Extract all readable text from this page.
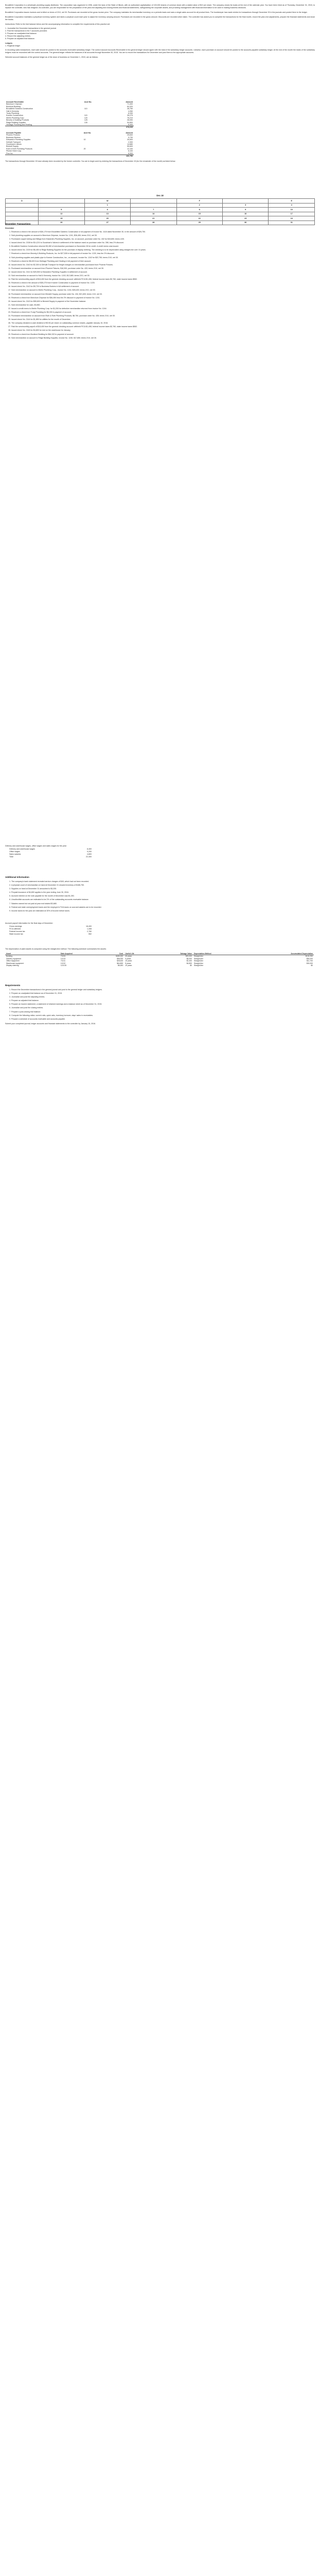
Brookfield Corporation is a wholesale plumbing supply distributor. The corporation was organized in 1996, under the laws of the State of Illinois, with an authorized capitalization of 100,000 shares of common stock with a stated value of $10 per share. The company closes its books at the end of the calendar year. You have been hired as of Thursday, December 31, 2015, to replace the controller, who has resigned. As controller, you are responsible for the preparation of the year-end adjusting and closing entries and financial statements, safeguarding the corporate assets, and providing management with financial information to be used in making business decisions.

Brookfield Corporation issues invoices and is billed on terms of 2/10, net 30. Purchases are recorded at the gross invoice price. The company maintains its merchandise inventory on a periodic basis and uses a single sales account for all product lines. The bookkeeper has made entries for transactions through December 30 in the journals and posted them to the ledger.

Brookfield Corporation maintains a perpetual inventory system and takes a physical count each year to adjust the inventory carrying amount. Purchases are recorded in the gross amount. Discounts are recorded when taken. The controller has asked you to complete the transactions for the final month, record the year-end adjustments, prepare the financial statements and close the books.

Instructions: Refer to the trial balance below and the accompanying information to complete the requirements of this practice set.

1. Journalize the December transactions in the general journal.
2. Post the transactions to the T-accounts provided.
3. Prepare an unadjusted trial balance.
4. Record the adjusting entries.
5. Prepare an adjusted trial balance.
Ledgers
1. Regional ledger

In recording sales transactions, each sale should be posted to the accounts receivable subsidiary ledger. The control account Accounts Receivable in the general ledger should agree with the total of the subsidiary ledger accounts. Likewise, each purchase on account should be posted to the accounts payable subsidiary ledger. At the end of the month the totals of the subsidiary ledgers must be reconciled with the control accounts. The general ledger reflects the balances of all accounts through November 30, 2015. You are to record the transactions for December and post them to the appropriate accounts.

Selected account balances of the general ledger as of the close of business on December 1, 2015, are as follows:

Account Receivable	Acct No.	Amount
Beechum Chipman		71,400
Bocklord Building		64,320
Brookfield Gardens Construction	110	28,750
Hall & Kennedy		4,260
Trudy Plumbing		6,330
Kramer Construction	115	35,275
Merlin Plumbing Corp.	120	76,210
Beverly & Building Products	125	28,090
Ridge Building Supplies	130	54,800
Heritage Plumbing and Heating		8,400
		378,035
Account Payable	Acct No.	Amount
Phoenix Fixtures		25,840
Business Brokers		9,730
Edwards's Plumbing Supplies	10	25,500
DeKalb Transport		2,300
Goodman's Valves		14,680
Brickett Supply		55,600
Ruth & Roth Plumbing Products	20	12,100
Pitcher Steel Corp.		6,100
Finn Inc.		8,900
		160,750

The transactions through December 15 have already been recorded by the former controller. You are to begin work by entering the transactions of December 15 (for the remainder of the month) as listed below.

Dec 18
D		W		F		E
		1		2	3	4
	5	6	7	8	9	10
	12	13	14	15	16	17
	19	20	21	22	23	24
	26	27	28	29	30	31
December Transactions
December
1. Received a check in the amount of $26,175 from Brookfield Gardens Construction in full payment of invoice No. 1118 dated November 30, in the amount of $26,750.
2. Sold plumbing supplies on account to Beechum Chipman, invoice No. 1241, $36,450; terms 2/10, net 30.
3. Purchased copper tubing and fittings from Edwards's Plumbing Supplies, Inc. on account, purchase order No. 432 for $15,800; terms n/30.
4. Issued check No. 2138 for $14,210 to Goodman's Valves in settlement of the balance owed on purchase order No. 398, less 2% discount.
5. Brookfield Gardens Construction returned $2,450 of merchandise purchased on November 28 for credit. A credit memo was issued.
6. Issued check No. 2139 for $6,450 to Ridge Building Supplies for the purchase of display shelving. The shelving is to be depreciated using straight-line over 10 years.
7. Received a check from Beverly & Building Products, Inc. for $27,528 in full payment of invoice No. 1220, less the 2% discount.
8. Sold plumbing supplies and plastic pipe to Kramer Construction, Inc., on account, invoice No. 1242 for $22,750; terms 2/10, net 30.
9. Received a check for $8,400 from Heritage Plumbing and Heating in full payment of their account.
10. Issued check No. 2140 for $2,300 to DeKalb Transport for freight charges on merchandise purchased from Phoenix Fixtures.
11. Purchased merchandise on account from Phoenix Fixtures, $18,300, purchase order No. 433; terms 2/10, net 30.
12. Issued check No. 2141 for $25,500 to Edwards's Plumbing Supplies in settlement of account.
13. Sold merchandise on account to Hall & Kennedy, invoice No. 1243, $12,680; terms 2/10, net 30.
14. Paid the semimonthly payroll of $18,400 from the general checking account: withheld FICA $1,408, federal income taxes $2,760, state income taxes $552.
15. Received a check in the amount of $35,275 from Kramer Construction in payment of invoice No. 1225.
16. Issued check No. 2142 for $9,730 to Business Brokers in full settlement of account.
17. Sold merchandise on account to Merlin Plumbing Corp., invoice No. 1244, $28,400; terms 2/10, net 30.
18. Purchased merchandise on account from Brickett Supply, purchase order No. 434, $21,600; terms 1/10, net 30.
19. Received a check from Beechum Chipman for $36,450 less the 2% discount in payment of invoice No. 1241.
20. Issued check No. 2143 for $55,600 to Brickett Supply in payment of the November balance.
21. Sold merchandise for cash, $3,850.
22. Issued a credit memo to Merlin Plumbing Corp. for $1,200 for defective merchandise returned from invoice No. 1244.
23. Received a check from Trudy Plumbing for $6,330 in payment of account.
24. Purchased merchandise on account from Ruth & Roth Plumbing Products, $8,750, purchase order No. 435; terms 2/10, net 30.
25. Issued check No. 2144 for $1,850 for utilities for the month of December.
26. The company declared a cash dividend of $0.50 per share on outstanding common shares, payable January 15, 2016.
27. Paid the semimonthly payroll of $18,400 from the general checking account: withheld FICA $1,408, federal income taxes $2,760, state income taxes $552.
28. Issued check No. 2145 for $4,800 for rent on the warehouse for January.
29. Received a check from Bocklord Building for $64,320 in payment of account.
30. Sold merchandise on account to Ridge Building Supplies, invoice No. 1245, $17,650; terms 2/10, net 30.
Delivery and warehouse wages, office wages and sales wages for the year:
Delivery and warehouse wages	8,400
Office wages	9,200
Sales salaries	4,800
Total	22,400
Additional Information
1. The company's bank statement revealed service charges of $45, which had not been recorded.
2. A physical count of merchandise on hand at December 31 showed inventory of $186,750.
3. Supplies on hand at December 31 amounted to $3,200.
4. Prepaid insurance of $4,800 applies to the year ending June 30, 2016.
5. Accrued interest on the note payable for the month of December was $1,250.
6. Uncollectible accounts are estimated to be 2% of the outstanding accounts receivable balance.
7. Salaries earned but not paid at year end totaled $3,680.
8. Federal and state unemployment taxes and the employer's FICA taxes on accrued salaries are to be recorded.
9. Income taxes for the year are estimated at 30% of income before taxes.
Accrued payroll information for the final days of December:
Gross earnings	18,400
FICA withheld	1,408
Federal income tax	2,760
State income tax	552

The depreciation of plant assets is computed using the straight-line method. The following schedule summarizes the assets:

Asset	Date Acquired	Cost	Useful Life	Salvage Value	Depreciation Method	Accumulated Depreciation
Building	7/1/04	$480,000	40 years	$20,000	Straight-line	$132,250
Delivery equipment	1/1/13	$96,000	5 years	$6,000	Straight-line	$54,000
Office equipment	7/1/11	$28,400	10 years	$2,400	Straight-line	$11,700
Warehouse equipment	1/1/12	$64,800	8 years	$4,800	Straight-line	$30,000
Display shelving	12/1/15	$6,450	10 years	$0	Straight-line	$0
Requirements
1. Record the December transactions in the general journal and post to the general ledger and subsidiary ledgers.
2. Prepare an unadjusted trial balance as of December 31, 2015.
3. Journalize and post the adjusting entries.
4. Prepare an adjusted trial balance.
5. Prepare an income statement, a statement of retained earnings and a balance sheet as of December 31, 2015.
6. Journalize and post the closing entries.
7. Prepare a post-closing trial balance.
8. Compute the following ratios: current ratio, quick ratio, inventory turnover, days' sales in receivables.
9. Prepare a schedule of accounts receivable and accounts payable.

Submit your completed journal, ledger accounts and financial statements to the controller by January 15, 2016.
